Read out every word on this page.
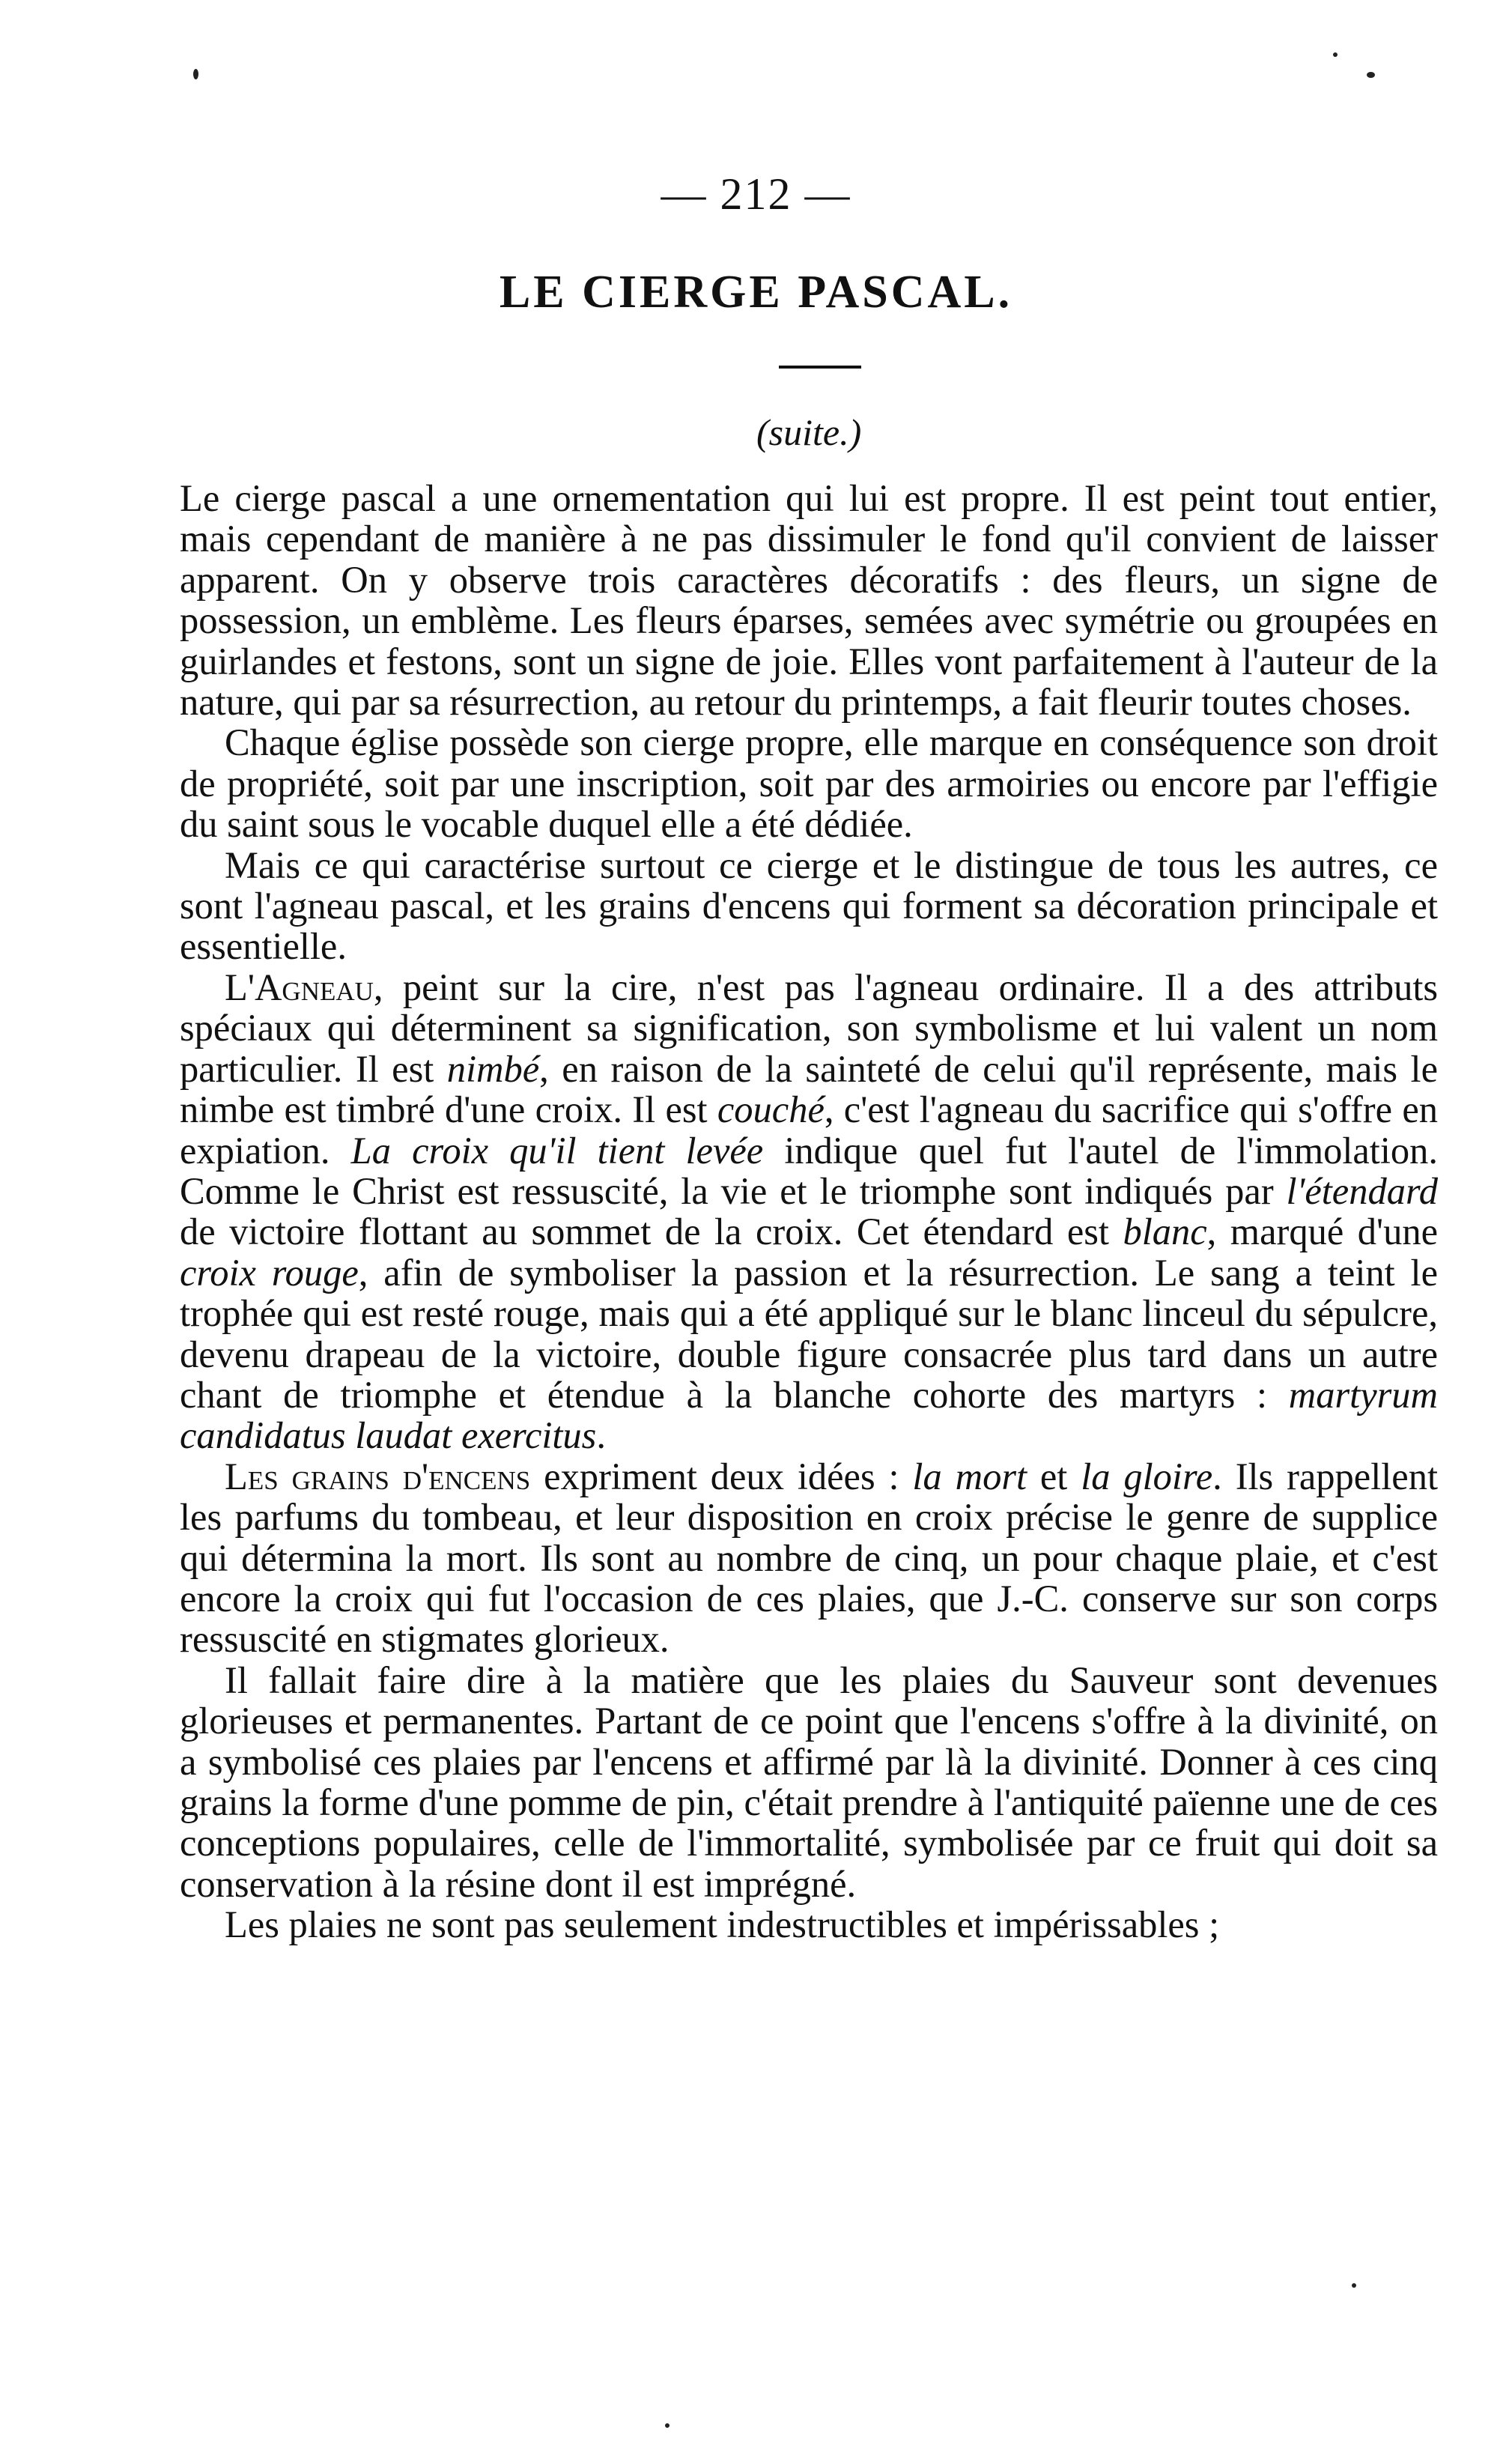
— 212 —
LE CIERGE PASCAL.
(suite.)

Le cierge pascal a une ornementation qui lui est propre. Il est peint tout entier, mais cependant de manière à ne pas dissimuler le fond qu'il convient de laisser apparent. On y observe trois caractères décoratifs : des fleurs, un signe de possession, un emblème. Les fleurs éparses, semées avec symétrie ou groupées en guirlandes et festons, sont un signe de joie. Elles vont parfaitement à l'auteur de la nature, qui par sa résurrection, au retour du printemps, a fait fleurir toutes choses.

Chaque église possède son cierge propre, elle marque en conséquence son droit de propriété, soit par une inscription, soit par des armoiries ou encore par l'effigie du saint sous le vocable duquel elle a été dédiée.

Mais ce qui caractérise surtout ce cierge et le distingue de tous les autres, ce sont l'agneau pascal, et les grains d'encens qui forment sa décoration principale et essentielle.

L'Agneau, peint sur la cire, n'est pas l'agneau ordinaire. Il a des attributs spéciaux qui déterminent sa signification, son symbolisme et lui valent un nom particulier. Il est nimbé, en raison de la sainteté de celui qu'il représente, mais le nimbe est timbré d'une croix. Il est couché, c'est l'agneau du sacrifice qui s'offre en expiation. La croix qu'il tient levée indique quel fut l'autel de l'immolation. Comme le Christ est ressuscité, la vie et le triomphe sont indiqués par l'étendard de victoire flottant au sommet de la croix. Cet étendard est blanc, marqué d'une croix rouge, afin de symboliser la passion et la résurrection. Le sang a teint le trophée qui est resté rouge, mais qui a été appliqué sur le blanc linceul du sépulcre, devenu drapeau de la victoire, double figure consacrée plus tard dans un autre chant de triomphe et étendue à la blanche cohorte des martyrs : martyrum candidatus laudat exercitus.

Les grains d'encens expriment deux idées : la mort et la gloire. Ils rappellent les parfums du tombeau, et leur disposition en croix précise le genre de supplice qui détermina la mort. Ils sont au nombre de cinq, un pour chaque plaie, et c'est encore la croix qui fut l'occasion de ces plaies, que J.-C. conserve sur son corps ressuscité en stigmates glorieux.

Il fallait faire dire à la matière que les plaies du Sauveur sont devenues glorieuses et permanentes. Partant de ce point que l'encens s'offre à la divinité, on a symbolisé ces plaies par l'encens et affirmé par là la divinité. Donner à ces cinq grains la forme d'une pomme de pin, c'était prendre à l'antiquité païenne une de ces conceptions populaires, celle de l'immortalité, symbolisée par ce fruit qui doit sa conservation à la résine dont il est imprégné.

Les plaies ne sont pas seulement indestructibles et impérissables ;
